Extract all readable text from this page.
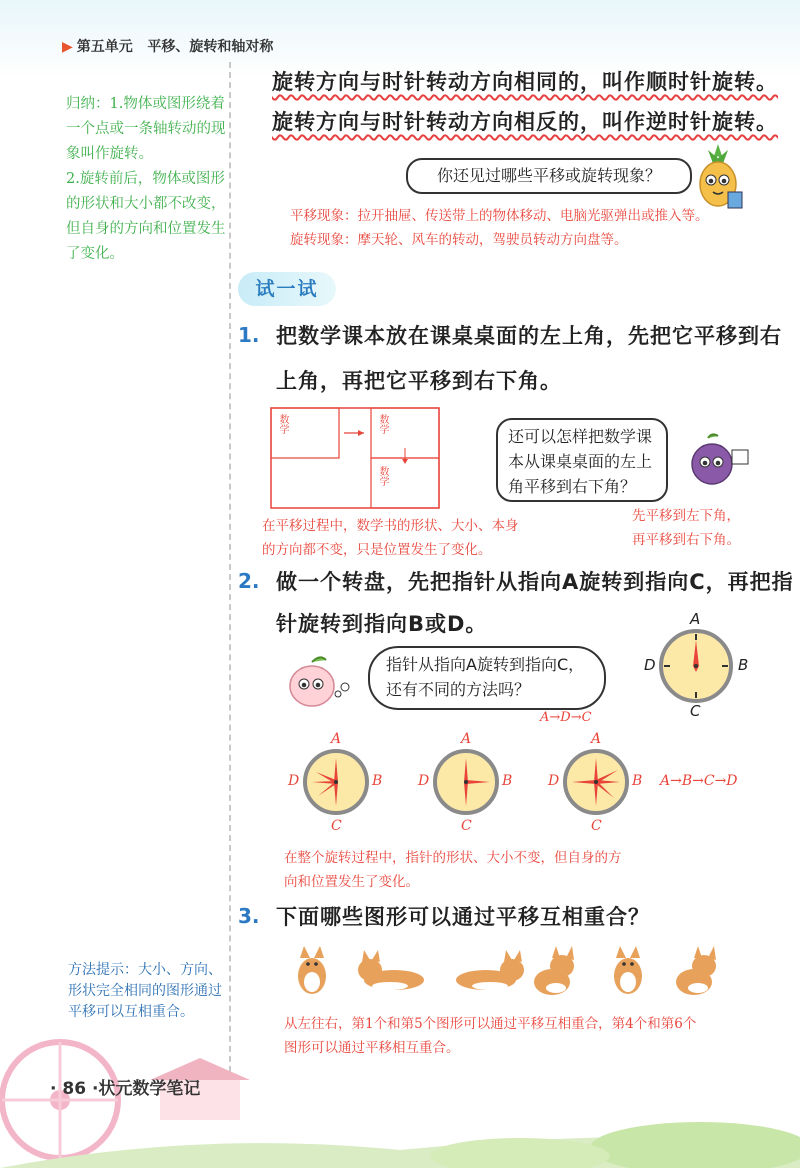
▶ 第五单元 平移、旋转和轴对称
归纳：1.物体或图形绕着一个点或一条轴转动的现象叫作旋转。
2.旋转前后，物体或图形的形状和大小都不改变，但自身的方向和位置发生了变化。
旋转方向与时针转动方向相同的，叫作顺时针旋转。
旋转方向与时针转动方向相反的，叫作逆时针旋转。
你还见过哪些平移或旋转现象？
平移现象：拉开抽屉、传送带上的物体移动、电脑光驱弹出或推入等。
旋转现象：摩天轮、风车的转动，驾驶员转动方向盘等。
试一试
1. 把数学课本放在课桌桌面的左上角，先把它平移到右
上角，再把它平移到右下角。
数学	数学
数学
还可以怎样把数学课本从课桌桌面的左上角平移到右下角？
先平移到左下角，
再平移到右下角。
在平移过程中，数学书的形状、大小、本身
的方向都不变，只是位置发生了变化。
2. 做一个转盘，先把指针从指向A旋转到指向C，再把指
针旋转到指向B或D。
指针从指向A旋转到指向C，
还有不同的方法吗？
A→D→C
A
B
C
D
A
B
C
D
A
B
C
D
A
B
C
D	A→B→C→D
在整个旋转过程中，指针的形状、大小不变，但自身的方
向和位置发生了变化。
3. 下面哪些图形可以通过平移互相重合？
从左往右，第1个和第5个图形可以通过平移互相重合，第4个和第6个
图形可以通过平移相互重合。
方法提示：大小、方向、形状完全相同的图形通过平移可以互相重合。
· 86 ·状元数学笔记
